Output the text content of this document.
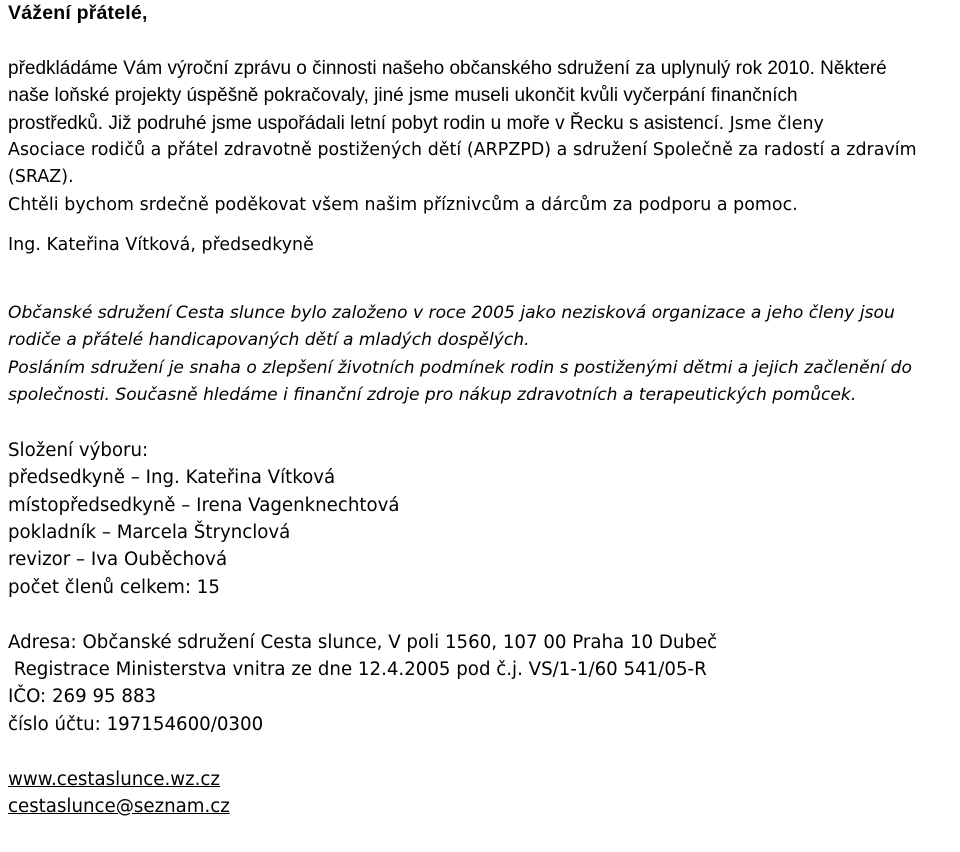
Vážení přátelé,
předkládáme Vám výroční zprávu o činnosti našeho občanského sdružení za uplynulý rok 2010. Některé
naše loňské projekty úspěšně pokračovaly, jiné jsme museli ukončit kvůli vyčerpání finančních
prostředků. Již podruhé jsme uspořádali letní pobyt rodin u moře v Řecku s asistencí. Jsme členy
Asociace rodičů a přátel zdravotně postižených dětí (ARPZPD) a sdružení Společně za radostí a zdravím
(SRAZ).
Chtěli bychom srdečně poděkovat všem našim příznivcům a dárcům za podporu a pomoc.
Ing. Kateřina Vítková, předsedkyně
Občanské sdružení Cesta slunce bylo založeno v roce 2005 jako nezisková organizace a jeho členy jsou
rodiče a přátelé handicapovaných dětí a mladých dospělých.
Posláním sdružení je snaha o zlepšení životních podmínek rodin s postiženými dětmi a jejich začlenění do
společnosti. Současně hledáme i finanční zdroje pro nákup zdravotních a terapeutických pomůcek.
Složení výboru:
předsedkyně – Ing. Kateřina Vítková
místopředsedkyně – Irena Vagenknechtová
pokladník – Marcela Štrynclová
revizor – Iva Ouběchová
počet členů celkem: 15
Adresa: Občanské sdružení Cesta slunce, V poli 1560, 107 00 Praha 10 Dubeč
Registrace Ministerstva vnitra ze dne 12.4.2005 pod č.j. VS/1-1/60 541/05-R
IČO: 269 95 883
číslo účtu: 197154600/0300
www.cestaslunce.wz.cz
cestaslunce@seznam.cz
